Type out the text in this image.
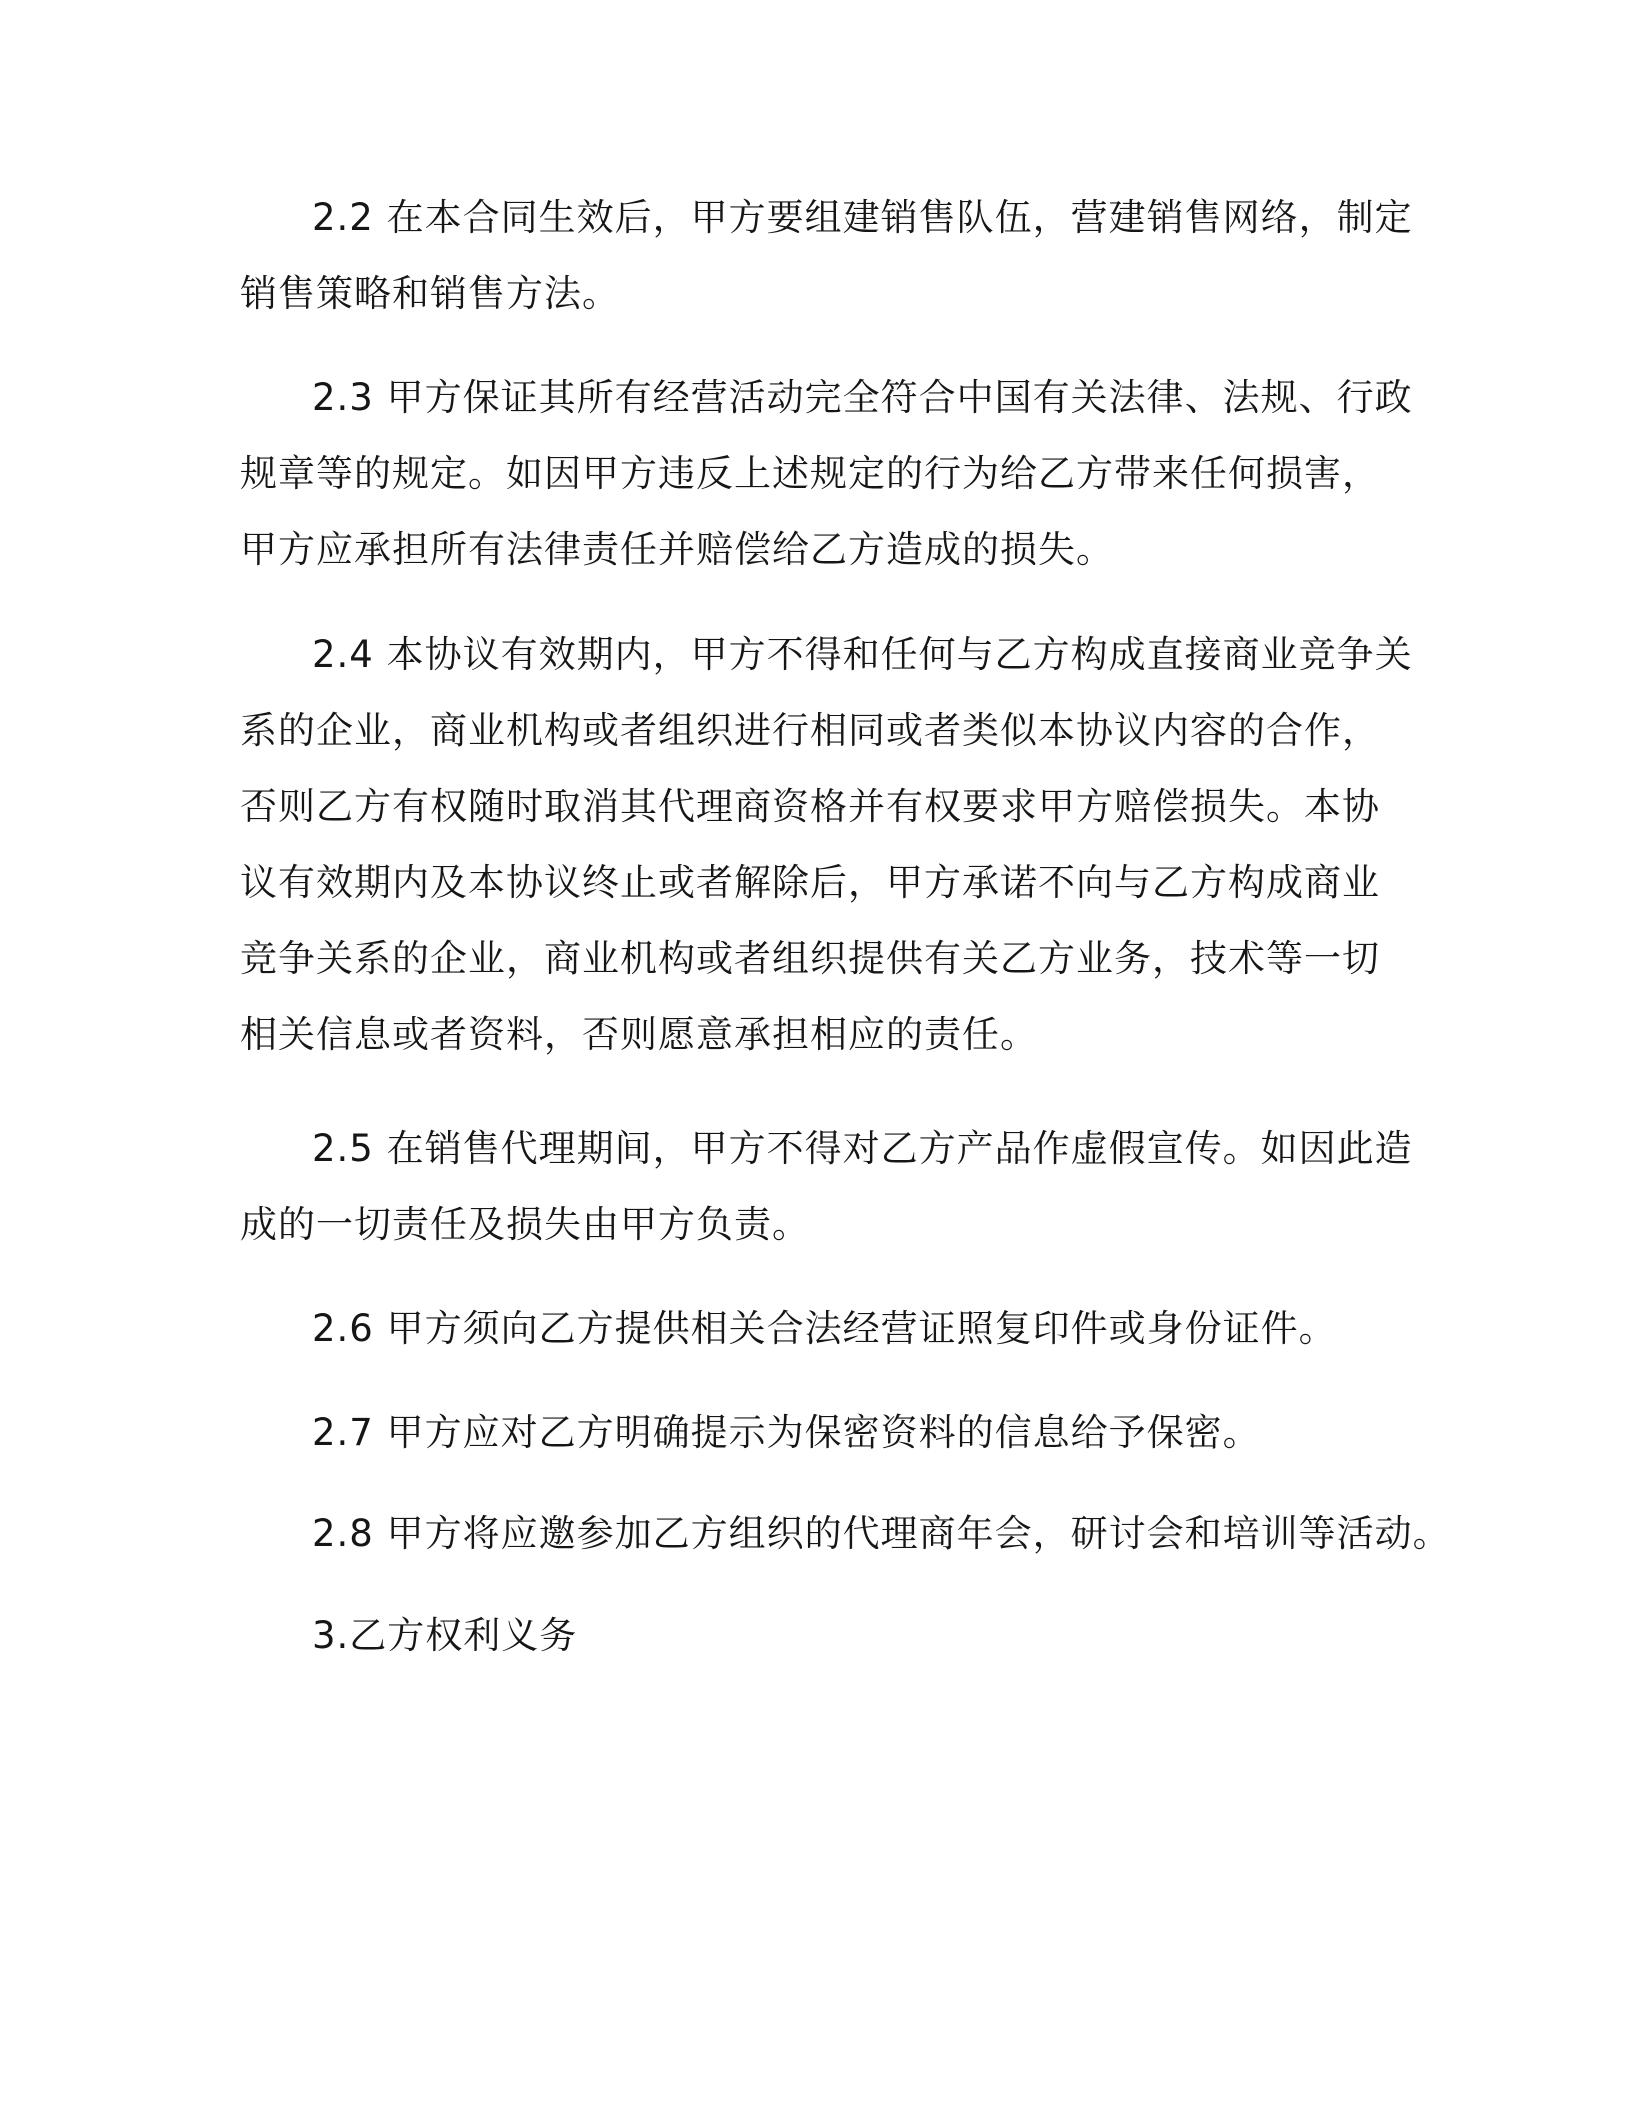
2.2 在本合同生效后，甲方要组建销售队伍，营建销售网络，制定
销售策略和销售方法。

2.3 甲方保证其所有经营活动完全符合中国有关法律、法规、行政
规章等的规定。如因甲方违反上述规定的行为给乙方带来任何损害，
甲方应承担所有法律责任并赔偿给乙方造成的损失。

2.4 本协议有效期内，甲方不得和任何与乙方构成直接商业竞争关
系的企业，商业机构或者组织进行相同或者类似本协议内容的合作，
否则乙方有权随时取消其代理商资格并有权要求甲方赔偿损失。本协
议有效期内及本协议终止或者解除后，甲方承诺不向与乙方构成商业
竞争关系的企业，商业机构或者组织提供有关乙方业务，技术等一切
相关信息或者资料，否则愿意承担相应的责任。

2.5 在销售代理期间，甲方不得对乙方产品作虚假宣传。如因此造
成的一切责任及损失由甲方负责。

2.6 甲方须向乙方提供相关合法经营证照复印件或身份证件。

2.7 甲方应对乙方明确提示为保密资料的信息给予保密。

2.8 甲方将应邀参加乙方组织的代理商年会，研讨会和培训等活动。

3.乙方权利义务
